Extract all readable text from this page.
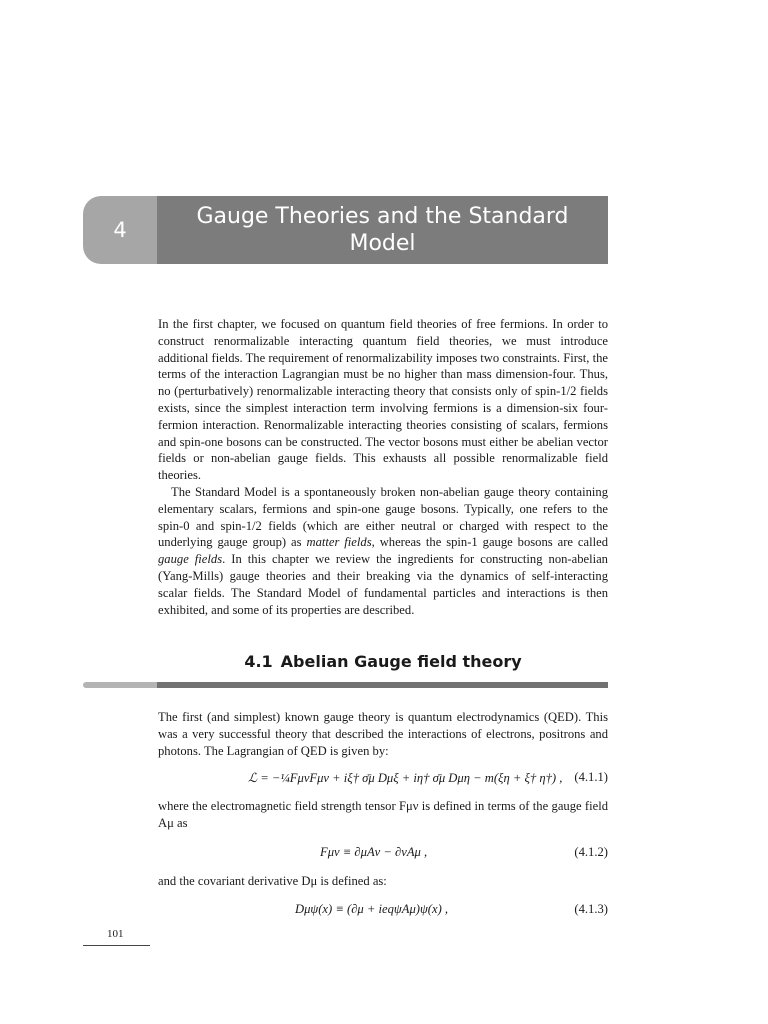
4
Gauge Theories and the Standard Model

In the first chapter, we focused on quantum field theories of free fermions. In order to construct renormalizable interacting quantum field theories, we must introduce additional fields. The requirement of renormalizability imposes two constraints. First, the terms of the interaction Lagrangian must be no higher than mass dimension-four. Thus, no (perturbatively) renormalizable interacting theory that consists only of spin-1/2 fields exists, since the simplest interaction term involving fermions is a dimension-six four-fermion interaction. Renormalizable interacting theories consisting of scalars, fermions and spin-one bosons can be constructed. The vector bosons must either be abelian vector fields or non-abelian gauge fields. This exhausts all possible renormalizable field theories.

The Standard Model is a spontaneously broken non-abelian gauge theory containing elementary scalars, fermions and spin-one gauge bosons. Typically, one refers to the spin-0 and spin-1/2 fields (which are either neutral or charged with respect to the underlying gauge group) as matter fields, whereas the spin-1 gauge bosons are called gauge fields. In this chapter we review the ingredients for constructing non-abelian (Yang-Mills) gauge theories and their breaking via the dynamics of self-interacting scalar fields. The Standard Model of fundamental particles and interactions is then exhibited, and some of its properties are described.

4.1 Abelian Gauge field theory
The first (and simplest) known gauge theory is quantum electrodynamics (QED). This was a very successful theory that described the interactions of electrons, positrons and photons. The Lagrangian of QED is given by:
ℒ = −¼FμνFμν + iξ† σ̄μ Dμξ + iη† σ̄μ Dμη − m(ξη + ξ† η†) , (4.1.1)
where the electromagnetic field strength tensor Fμν is defined in terms of the gauge field Aμ as
Fμν ≡ ∂μAν − ∂νAμ ,	(4.1.2)
and the covariant derivative Dμ is defined as:
Dμψ(x) ≡ (∂μ + ieqψAμ)ψ(x) ,	(4.1.3)
101
